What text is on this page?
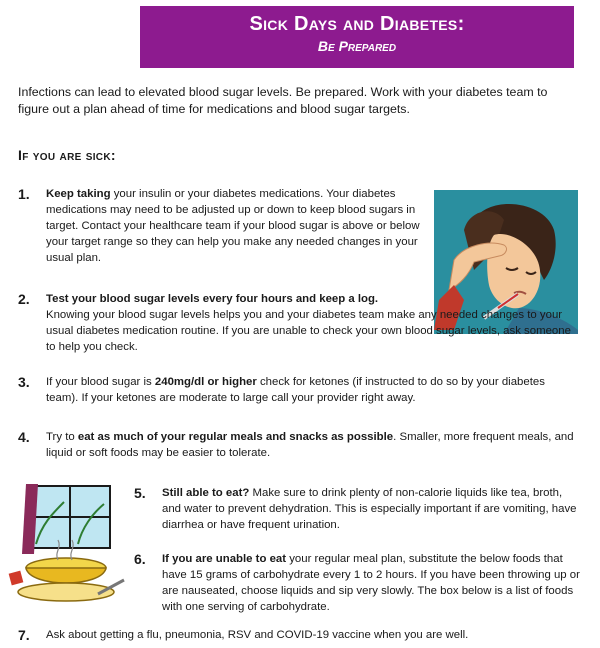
Sick Days and Diabetes:
Be Prepared

Infections can lead to elevated blood sugar levels. Be prepared. Work with your diabetes team to figure out a plan ahead of time for medications and blood sugar targets.

If you are sick:
1. Keep taking your insulin or your diabetes medications. Your diabetes medications may need to be adjusted up or down to keep blood sugars in target. Contact your healthcare team if your blood sugar is above or below your target range so they can help you make any needed changes in your usual plan.
2. Test your blood sugar levels every four hours and keep a log.
Knowing your blood sugar levels helps you and your diabetes team make any needed changes to your usual diabetes medication routine. If you are unable to check your own blood sugar levels, ask someone to help you check.
3. If your blood sugar is 240mg/dl or higher check for ketones (if instructed to do so by your diabetes team). If your ketones are moderate to large call your provider right away.
4. Try to eat as much of your regular meals and snacks as possible. Smaller, more frequent meals, and liquid or soft foods may be easier to tolerate.
5. Still able to eat? Make sure to drink plenty of non-calorie liquids like tea, broth, and water to prevent dehydration. This is especially important if are vomiting, have diarrhea or have frequent urination.
6. If you are unable to eat your regular meal plan, substitute the below foods that have 15 grams of carbohydrate every 1 to 2 hours. If you have been throwing up or are nauseated, choose liquids and sip very slowly. The box below is a list of foods with one serving of carbohydrate.
7. Ask about getting a flu, pneumonia, RSV and COVID-19 vaccine when you are well.
